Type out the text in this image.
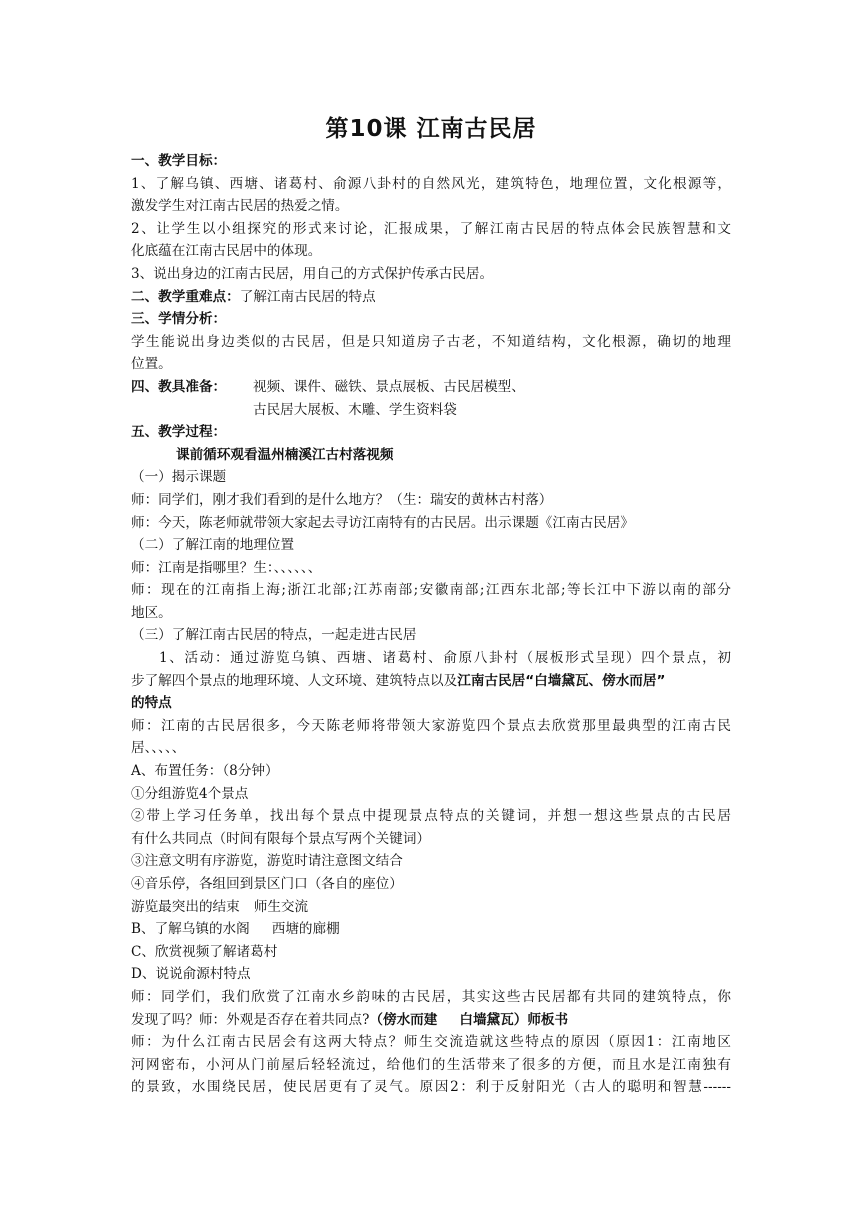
第10课 江南古民居
一、教学目标：
1、了解乌镇、西塘、诸葛村、俞源八卦村的自然风光，建筑特色，地理位置，文化根源等，
激发学生对江南古民居的热爱之情。
2、让学生以小组探究的形式来讨论，汇报成果，了解江南古民居的特点体会民族智慧和文
化底蕴在江南古民居中的体现。
3、说出身边的江南古民居，用自己的方式保护传承古民居。
二、教学重难点：了解江南古民居的特点
三、学情分析：
学生能说出身边类似的古民居，但是只知道房子古老，不知道结构，文化根源，确切的地理
位置。
四、教具准备： 视频、课件、磁铁、景点展板、古民居模型、
古民居大展板、木雕、学生资料袋
五、教学过程：
课前循环观看温州楠溪江古村落视频
（一）揭示课题
师：同学们，刚才我们看到的是什么地方？（生：瑞安的黄林古村落）
师：今天，陈老师就带领大家起去寻访江南特有的古民居。出示课题《江南古民居》
（二）了解江南的地理位置
师：江南是指哪里？生：、、、、、、
师：现在的江南指上海;浙江北部;江苏南部;安徽南部;江西东北部;等长江中下游以南的部分
地区。
（三）了解江南古民居的特点，一起走进古民居
1、活动：通过游览乌镇、西塘、诸葛村、俞原八卦村（展板形式呈现）四个景点，初
步了解四个景点的地理环境、人文环境、建筑特点以及江南古民居“白墙黛瓦、傍水而居”
的特点
师：江南的古民居很多，今天陈老师将带领大家游览四个景点去欣赏那里最典型的江南古民
居、、、、、
A、布置任务：（8分钟）
①分组游览4个景点
②带上学习任务单，找出每个景点中提现景点特点的关键词，并想一想这些景点的古民居
有什么共同点（时间有限每个景点写两个关键词）
③注意文明有序游览，游览时请注意图文结合
④音乐停，各组回到景区门口（各自的座位）
游览最突出的结束 师生交流
B、了解乌镇的水阁 西塘的廊棚
C、欣赏视频了解诸葛村
D、说说俞源村特点
师：同学们，我们欣赏了江南水乡韵味的古民居，其实这些古民居都有共同的建筑特点，你
发现了吗？师：外观是否存在着共同点?（傍水而建 白墙黛瓦）师板书
师：为什么江南古民居会有这两大特点？师生交流造就这些特点的原因（原因1：江南地区
河网密布，小河从门前屋后轻轻流过，给他们的生活带来了很多的方便，而且水是江南独有
的景致，水围绕民居，使民居更有了灵气。原因2：利于反射阳光（古人的聪明和智慧------
